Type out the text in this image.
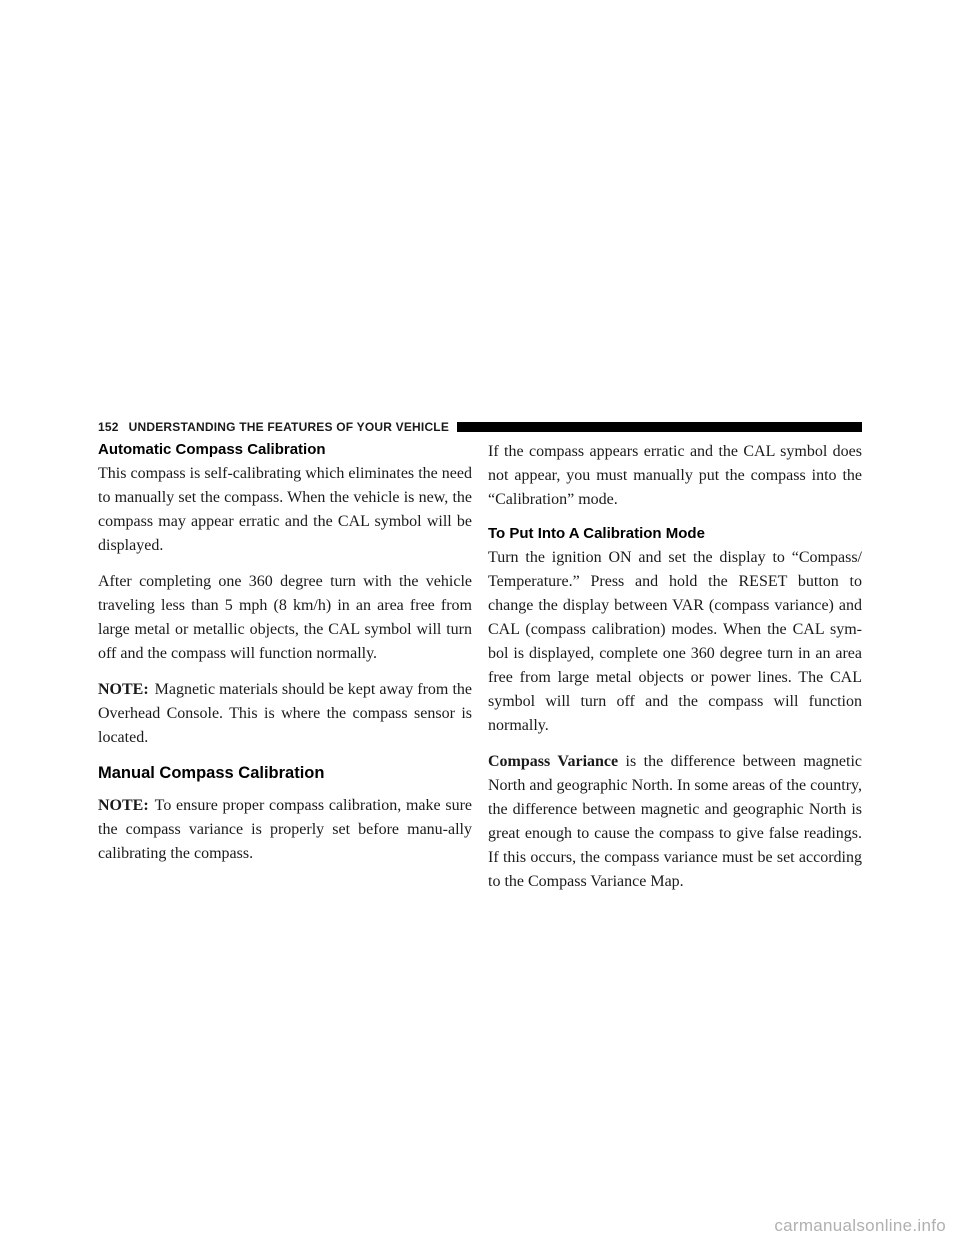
152 UNDERSTANDING THE FEATURES OF YOUR VEHICLE
Automatic Compass Calibration

This compass is self-calibrating which eliminates the need to manually set the compass. When the vehicle is new, the compass may appear erratic and the CAL symbol will be displayed.

After completing one 360 degree turn with the vehicle traveling less than 5 mph (8 km/h) in an area free from large metal or metallic objects, the CAL symbol will turn off and the compass will function normally.

NOTE: Magnetic materials should be kept away from the Overhead Console. This is where the compass sensor is located.

Manual Compass Calibration

NOTE: To ensure proper compass calibration, make sure the compass variance is properly set before manu-ally calibrating the compass.

If the compass appears erratic and the CAL symbol does not appear, you must manually put the compass into the “Calibration” mode.

To Put Into A Calibration Mode

Turn the ignition ON and set the display to “Compass/ Temperature.” Press and hold the RESET button to change the display between VAR (compass variance) and CAL (compass calibration) modes. When the CAL sym-bol is displayed, complete one 360 degree turn in an area free from large metal objects or power lines. The CAL symbol will turn off and the compass will function normally.

Compass Variance is the difference between magnetic North and geographic North. In some areas of the country, the difference between magnetic and geographic North is great enough to cause the compass to give false readings. If this occurs, the compass variance must be set according to the Compass Variance Map.

carmanualsonline.info
